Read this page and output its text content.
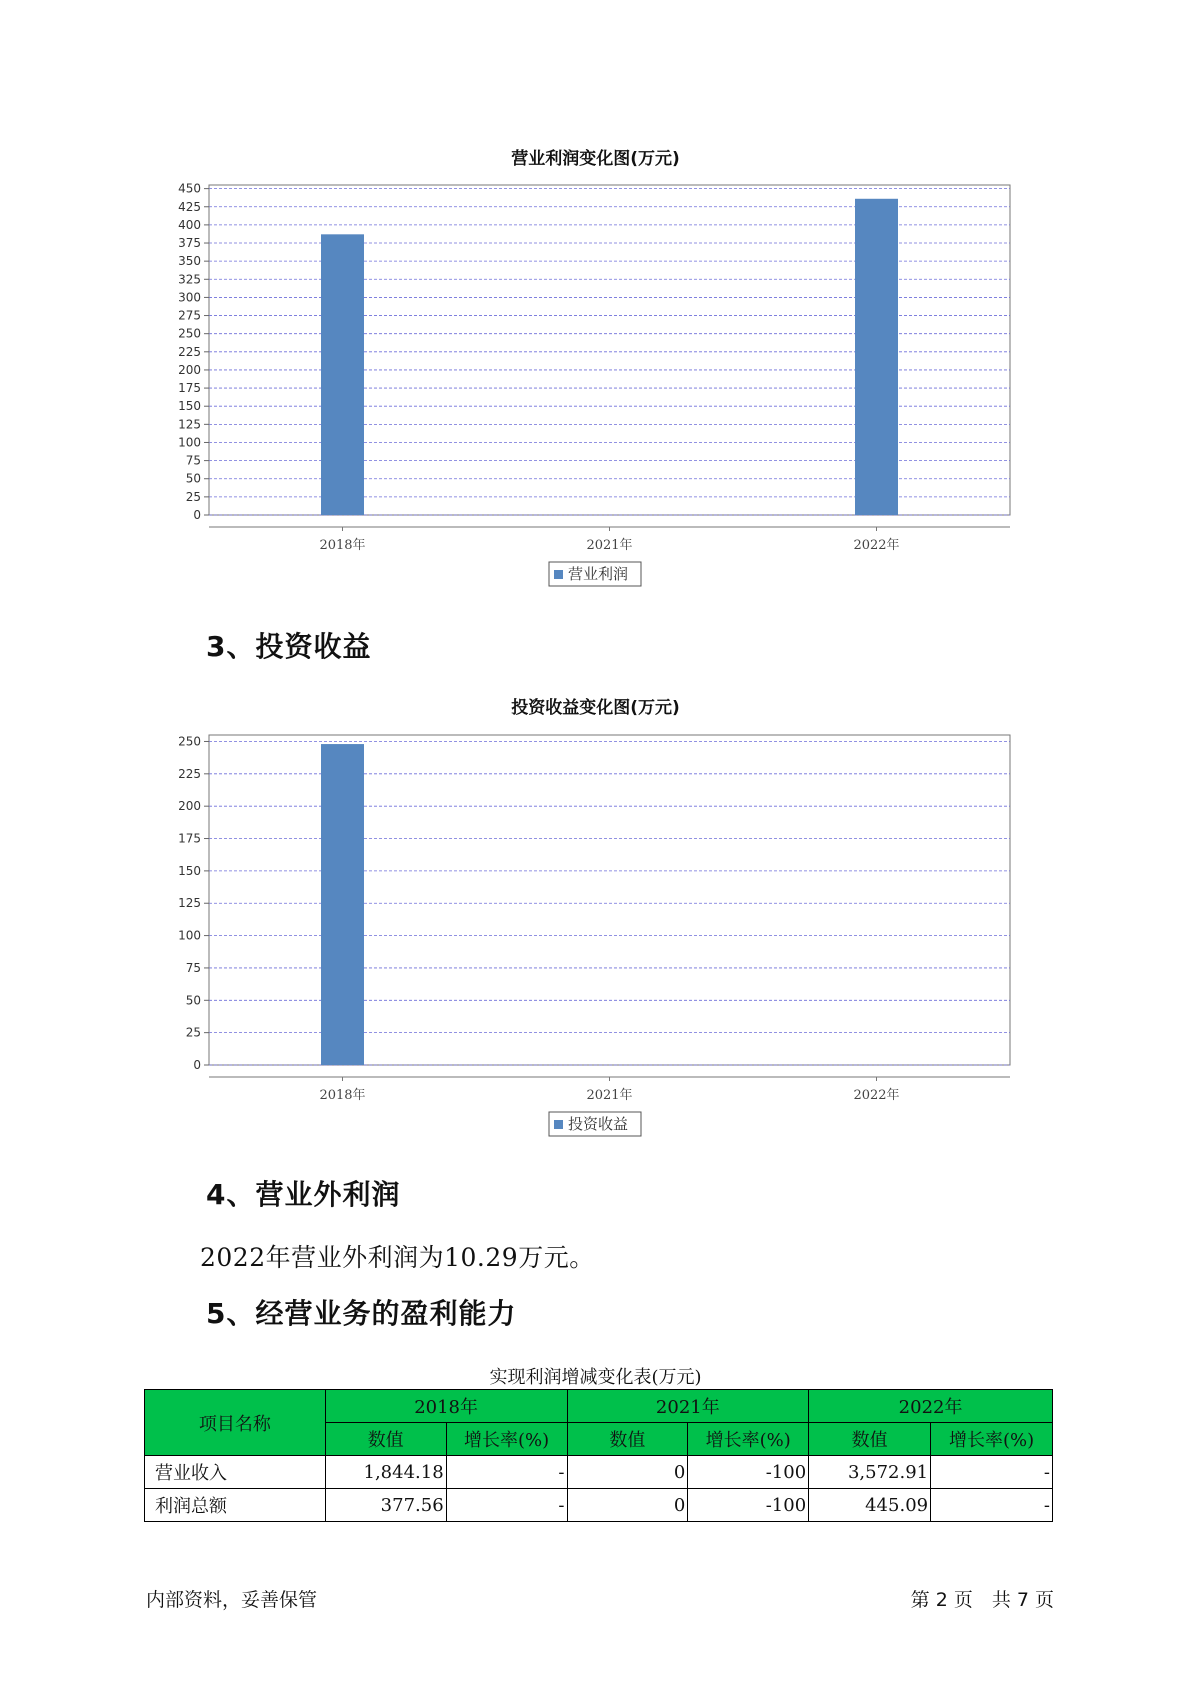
营业利润变化图(万元)
0
25
50
75
100
125
150
175
200
225
250
275
300
325
350
375
400
425
450
2018年	2021年	2022年
营业利润
3、投资收益
投资收益变化图(万元)
0
25
50
75
100
125
150
175
200
225
250
2018年	2021年	2022年
投资收益
4、营业外利润
2022年营业外利润为10.29万元。
5、经营业务的盈利能力
实现利润增减变化表(万元)
项目名称	2018年		2021年		2022年	
	数值	增长率(%)	数值	增长率(%)	数值	增长率(%)
营业收入	1,844.18	-	0	-100	3,572.91	-
利润总额	377.56	-	0	-100	445.09	-
内部资料，妥善保管	第 2 页　共 7 页
